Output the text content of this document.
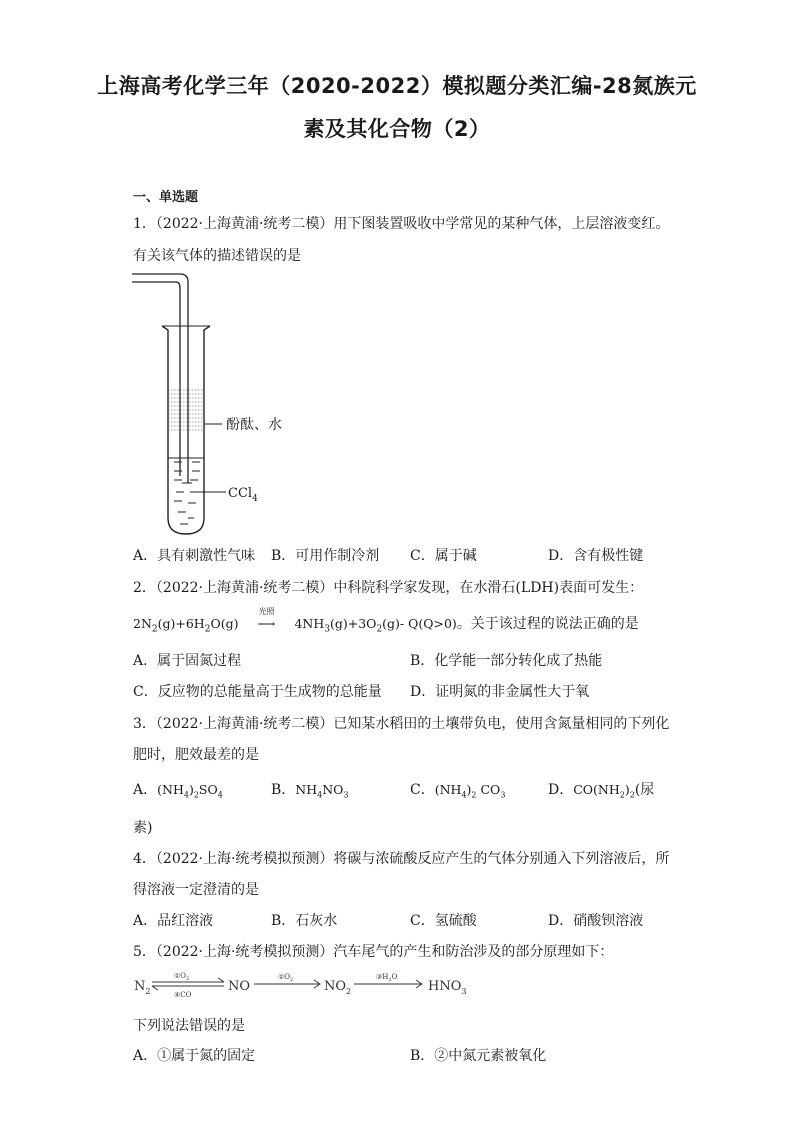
上海高考化学三年（2020-2022）模拟题分类汇编-28氮族元
素及其化合物（2）
一、单选题
1．（2022·上海黄浦·统考二模）用下图装置吸收中学常见的某种气体，上层溶液变红。
有关该气体的描述错误的是
酚酞、水
CCl$_4$
A．具有刺激性气味 B．可用作制冷剂 C．属于碱	D．含有极性键
2．（2022·上海黄浦·统考二模）中科院科学家发现，在水滑石(LDH)表面可发生：
$2N_2(g)+6H_2O(g)$
光照
⟶ $4NH_3(g)+3O_2(g)-$ Q(Q>0)。关于该过程的说法正确的是
A．属于固氮过程	B．化学能一部分转化成了热能
C．反应物的总能量高于生成物的总能量 D．证明氮的非金属性大于氧
3．（2022·上海黄浦·统考二模）已知某水稻田的土壤带负电，使用含氮量相同的下列化
肥时，肥效最差的是
A．$(NH_4)_2SO_4$	B．$NH_4NO_3$	C．$(NH_4)_2$ $CO_3$	D．$CO(NH_2)_2$(尿
素)
4．（2022·上海·统考模拟预测）将碳与浓硫酸反应产生的气体分别通入下列溶液后，所
得溶液一定澄清的是
A．品红溶液	B．石灰水	C．氢硫酸	D．硝酸钡溶液
5．（2022·上海·统考模拟预测）汽车尾气的产生和防治涉及的部分原理如下：
$N_2$
$①O_2$
④CO
NO
$②O_2$ $NO_2$
$③H_2O$
$HNO_3$
下列说法错误的是
A．①属于氮的固定	B．②中氮元素被氧化
